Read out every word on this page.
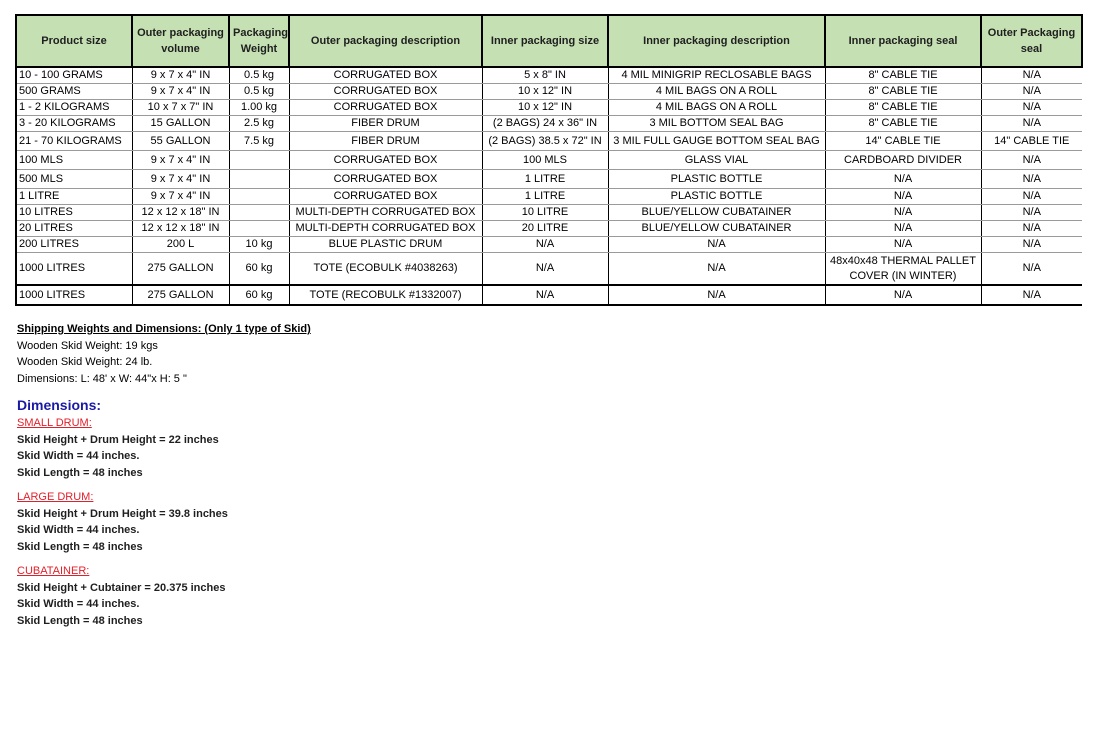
Product size	Outer packaging volume	Packaging Weight	Outer packaging description	Inner packaging size	Inner packaging description	Inner packaging seal	Outer Packaging seal
10 - 100 GRAMS	9 x 7 x 4" IN	0.5 kg	CORRUGATED BOX	5 x 8" IN	4 MIL MINIGRIP RECLOSABLE BAGS	8" CABLE TIE	N/A
500 GRAMS	9 x 7 x 4" IN	0.5 kg	CORRUGATED BOX	10 x 12" IN	4 MIL BAGS ON A ROLL	8" CABLE TIE	N/A
1 - 2 KILOGRAMS	10 x 7 x 7" IN	1.00 kg	CORRUGATED BOX	10 x 12" IN	4 MIL BAGS ON A ROLL	8" CABLE TIE	N/A
3 - 20 KILOGRAMS	15 GALLON	2.5 kg	FIBER DRUM	(2 BAGS) 24 x 36" IN	3 MIL BOTTOM SEAL BAG	8" CABLE TIE	N/A
21 - 70 KILOGRAMS	55 GALLON	7.5 kg	FIBER DRUM	(2 BAGS) 38.5 x 72" IN	3 MIL FULL GAUGE BOTTOM SEAL BAG	14" CABLE TIE	14" CABLE TIE
100 MLS	9 x 7 x 4" IN		CORRUGATED BOX	100 MLS	GLASS VIAL	CARDBOARD DIVIDER	N/A
500 MLS	9 x 7 x 4" IN		CORRUGATED BOX	1 LITRE	PLASTIC BOTTLE	N/A	N/A
1 LITRE	9 x 7 x 4" IN		CORRUGATED BOX	1 LITRE	PLASTIC BOTTLE	N/A	N/A
10 LITRES	12 x 12 x 18" IN		MULTI-DEPTH CORRUGATED BOX	10 LITRE	BLUE/YELLOW CUBATAINER	N/A	N/A
20 LITRES	12 x 12 x 18" IN		MULTI-DEPTH CORRUGATED BOX	20 LITRE	BLUE/YELLOW CUBATAINER	N/A	N/A
200 LITRES	200 L	10 kg	BLUE PLASTIC DRUM	N/A	N/A	N/A	N/A
1000 LITRES	275 GALLON	60 kg	TOTE (ECOBULK #4038263)	N/A	N/A	48x40x48 THERMAL PALLET COVER (IN WINTER)	N/A
1000 LITRES	275 GALLON	60 kg	TOTE (RECOBULK #1332007)	N/A	N/A	N/A	N/A
Shipping Weights and Dimensions: (Only 1 type of Skid)
Wooden Skid Weight: 19 kgs
Wooden Skid Weight: 24 lb.
Dimensions: L: 48' x W: 44"x H: 5 "
Dimensions:
SMALL DRUM:
Skid Height + Drum Height = 22 inches
Skid Width = 44 inches.
Skid Length = 48 inches
LARGE DRUM:
Skid Height + Drum Height = 39.8 inches
Skid Width = 44 inches.
Skid Length = 48 inches
CUBATAINER:
Skid Height + Cubtainer = 20.375 inches
Skid Width = 44 inches.
Skid Length = 48 inches
